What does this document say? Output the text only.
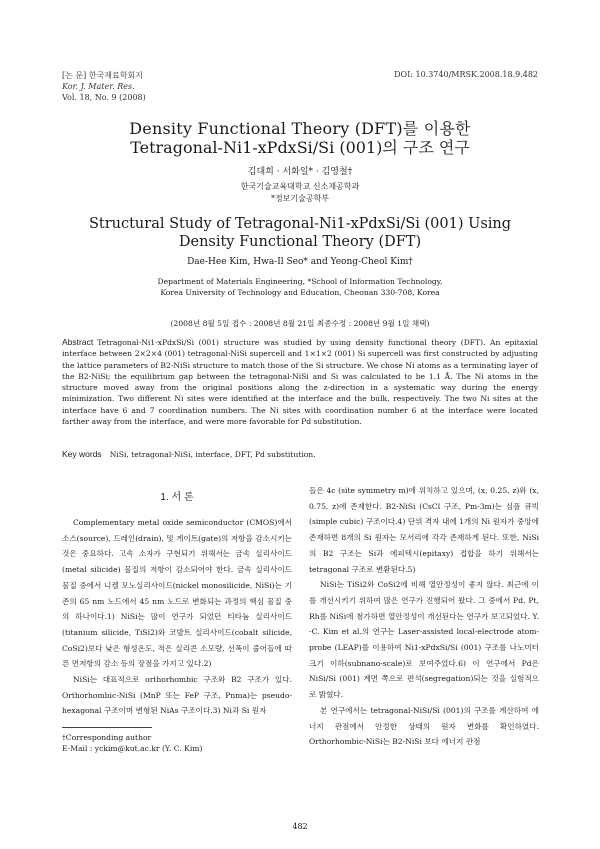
[논 문] 한국재료학회지
Kor. J. Mater. Res.
Vol. 18, No. 9 (2008)
DOI: 10.3740/MRSK.2008.18.9.482
Density Functional Theory (DFT)를 이용한
Tetragonal-Ni1-xPdxSi/Si (001)의 구조 연구
김대희 · 서화일* · 김영철†
한국기술교육대학교 신소재공학과
*정보기술공학부
Structural Study of Tetragonal-Ni1-xPdxSi/Si (001) Using
Density Functional Theory (DFT)
Dae-Hee Kim, Hwa-Il Seo* and Yeong-Cheol Kim†
Department of Materials Engineering, *School of Information Technology,
Korea University of Technology and Education, Cheonan 330-708, Korea
(2008년 8월 5일 접수 : 2008년 8월 21일 최종수정 : 2008년 9월 1일 채택)
Abstract Tetragonal-Ni1-xPdxSi/Si (001) structure was studied by using density functional theory (DFT). An epitaxial interface between 2×2×4 (001) tetragonal-NiSi supercell and 1×1×2 (001) Si supercell was first constructed by adjusting the lattice parameters of B2-NiSi structure to match those of the Si structure. We chose Ni atoms as a terminating layer of the B2-NiSi; the equilibrium gap between the tetragonal-NiSi and Si was calculated to be 1.1 Å. The Ni atoms in the structure moved away from the original positions along the z-direction in a systematic way during the energy minimization. Two different Ni sites were identified at the interface and the bulk, respectively. The two Ni sites at the interface have 6 and 7 coordination numbers. The Ni sites with coordination number 6 at the interface were located farther away from the interface, and were more favorable for Pd substitution.
Key words NiSi, tetragonal-NiSi, interface, DFT, Pd substitution.
1. 서 론

Complementary metal oxide semiconductor (CMOS)에서 소스(source), 드레인(drain), 및 게이트(gate)의 저항을 감소시키는 것은 중요하다. 고속 소자가 구현되기 위해서는 금속 실리사이드(metal silicide) 물질의 저항이 감소되어야 한다. 금속 실리사이드 물질 중에서 니켈 모노실리사이드(nickel monosilicide, NiSi)는 기존의 65 nm 노드에서 45 nm 노드로 변화되는 과정의 핵심 물질 중의 하나이다.1) NiSi는 많이 연구가 되었던 티타늄 실리사이드(titanium silicide, TiSi2)와 코발트 실리사이드(cobalt silicide, CoSi2)보다 낮은 형성온도, 적은 실리콘 소모량, 선폭이 줄어들에 따른 면저항의 감소 등의 장점을 가지고 있다.2)

NiSi는 대표적으로 orthorhombic 구조와 B2 구조가 있다. Orthorhombic-NiSi (MnP 또는 FeP 구조, Pnma)는 pseudo-hexagonal 구조이며 변형된 NiAs 구조이다.3) Ni과 Si 원자

들은 4c (site symmetry m)에 위치하고 있으며, (x, 0.25, z)와 (x, 0.75, z)에 존재한다. B2-NiSi (CsCl 구조, Pm-3m)는 심플 큐빅 (simple cubic) 구조이다.4) 단위 격자 내에 1개의 Ni 원자가 중앙에 존재하면 8개의 Si 원자는 모서리에 각각 존재하게 된다. 또한, NiSi의 B2 구조는 Si과 에피텍시(epitaxy) 접합을 하기 위해서는 tetragonal 구조로 변환된다.5)

NiSi는 TiSi2와 CoSi2에 비해 열안정성이 좋지 않다. 최근에 이를 개선시키기 위하여 많은 연구가 진행되어 왔다. 그 중에서 Pd, Pt, Rh를 NiSi에 첨가하면 열안정성이 개선된다는 연구가 보고되었다. Y. -C. Kim et al.의 연구는 Laser-assisted local-electrode atom-probe (LEAP)를 이용하여 Ni1-xPdxSi/Si (001) 구조를 나노미터 크기 이하(subnano-scale)로 보여주었다.6) 이 연구에서 Pd은 NiSi/Si (001) 계면 쪽으로 편석(segregation)되는 것을 실험적으로 밝혔다.

본 연구에서는 tetragonal-NiSi/Si (001)의 구조를 계산하여 에너지 관점에서 안정한 상태의 원자 변화를 확인하였다. Orthorhombic-NiSi는 B2-NiSi 보다 에너지 관점

†Corresponding author
E-Mail : yckim@kut.ac.kr (Y. C. Kim)
482
